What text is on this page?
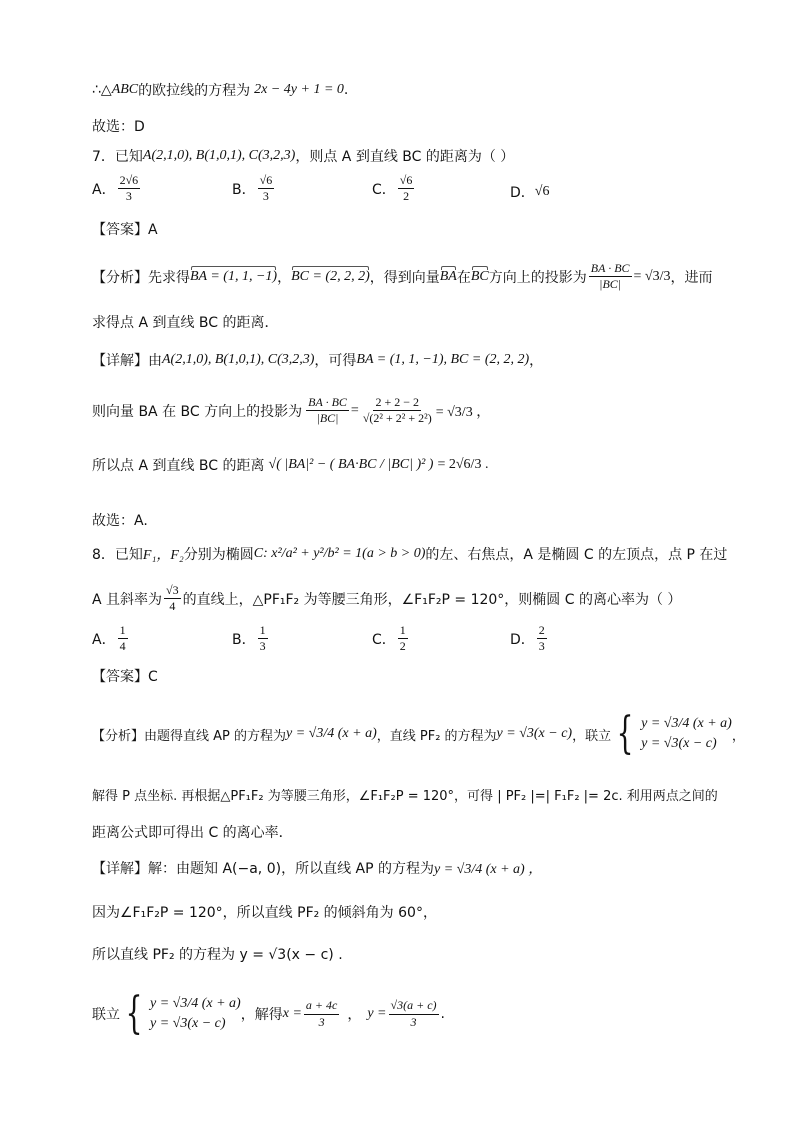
∴△ ABC 的欧拉线的方程为 2x − 4y + 1 = 0 .
故选：D
7．已知 A(2,1,0), B(1,0,1), C(3,2,3) ，则点 A 到直线 BC 的距离为（ ）
A． $\frac{2√6}{3}$	B． $\frac{√6}{3}$	C． $\frac{√6}{2}$	D． √6
【答案】A
【分析】 先求得 BA = (1, 1, −1) ， BC = (2, 2, 2) ，得到向量 BA 在 BC 方向上的投影为 $\frac{BA \cdot BC}{|BC|} = √3/3$ ，进而
求得点 A 到直线 BC 的距离．
【详解】 由 A(2,1,0), B(1,0,1), C(3,2,3) ，可得 BA = (1, 1, −1), BC = (2, 2, 2) ，
则向量 BA 在 BC 方向上的投影为 $\frac{BA \cdot BC}{|BC|} = \frac{2 + 2 - 2}{\text{√(2² + 2² + 2²)}} = √3/3$ ，
所以点 A 到直线 BC 的距离 √( |BA|² − ( BA·BC / |BC| )² ) = 2√6/3 .
故选：A.
8．已知 F₁，F₂ 分别为椭圆 C: x²/a² + y²/b² = 1(a > b > 0) 的左、右焦点，A 是椭圆 C 的左顶点，点 P 在过
A 且斜率为 $\frac{√3}{4}$ 的直线上，△PF₁F₂ 为等腰三角形，∠F₁F₂P = 120°，则椭圆 C 的离心率为（ ）
A． $\frac{1}{4}$	B． $\frac{1}{3}$	C． $\frac{1}{2}$	D． $\frac{2}{3}$
【答案】C
【分析】 由题得直线 AP 的方程为 y = √3/4 (x + a) ，直线 PF₂ 的方程为 y = √3(x − c) ，联立 { y = √3/4 (x + a)
y = √3(x − c)	，
解得 P 点坐标. 再根据△PF₁F₂ 为等腰三角形，∠F₁F₂P = 120°，可得 | PF₂ |=| F₁F₂ |= 2c. 利用两点之间的
距离公式即可得出 C 的离心率．
【详解】 解：由题知 A(−a, 0)，所以直线 AP 的方程为 y = √3/4 (x + a) ，
因为∠F₁F₂P = 120°，所以直线 PF₂ 的倾斜角为 60°，
所以直线 PF₂ 的方程为 y = √3(x − c) .
联立 { y = √3/4 (x + a)
y = √3(x − c)
，解得 $x = \frac{a + 4c}{3}$ ， $y = \frac{√3(a + c)}{3}$ .
